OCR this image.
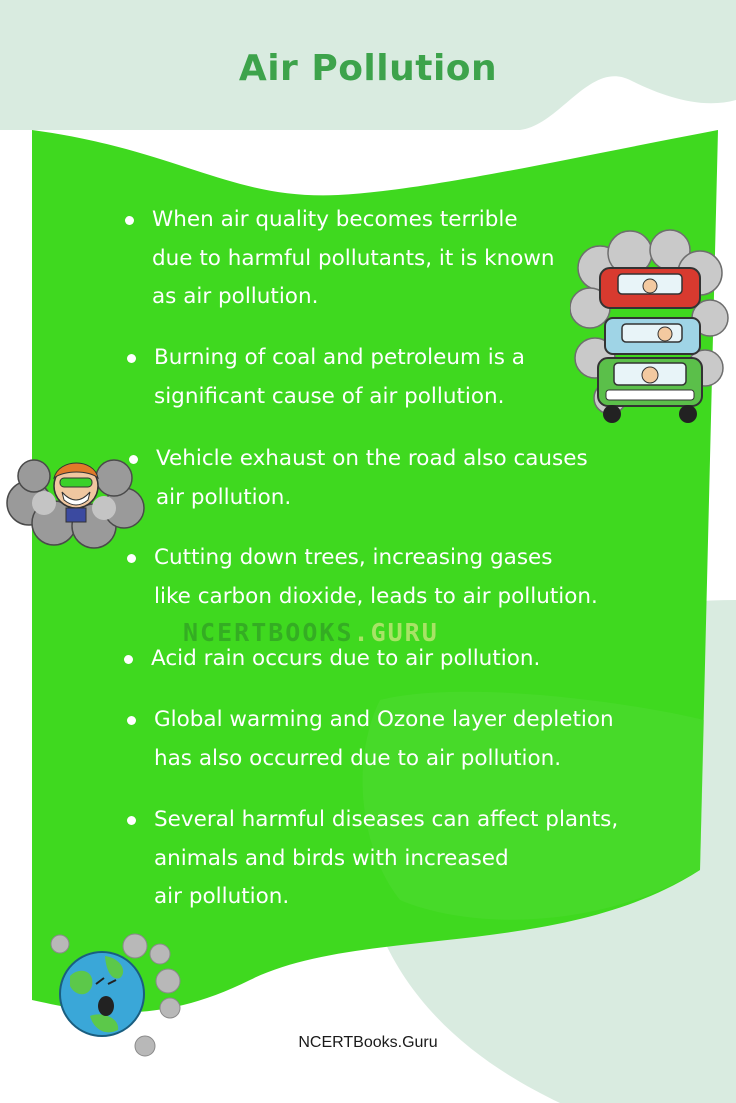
Air Pollution
When air quality becomes terrible
due to harmful pollutants, it is known
as air pollution.
Burning of coal and petroleum is a
significant cause of air pollution.
Vehicle exhaust on the road also causes
air pollution.
Cutting down trees, increasing gases
like carbon dioxide, leads to air pollution.
NCERTBOOKS.GURU
Acid rain occurs due to air pollution.
Global warming and Ozone layer depletion
has also occurred due to air pollution.
Several harmful diseases can affect plants,
animals and birds with increased
air pollution.
NCERTBooks.Guru
